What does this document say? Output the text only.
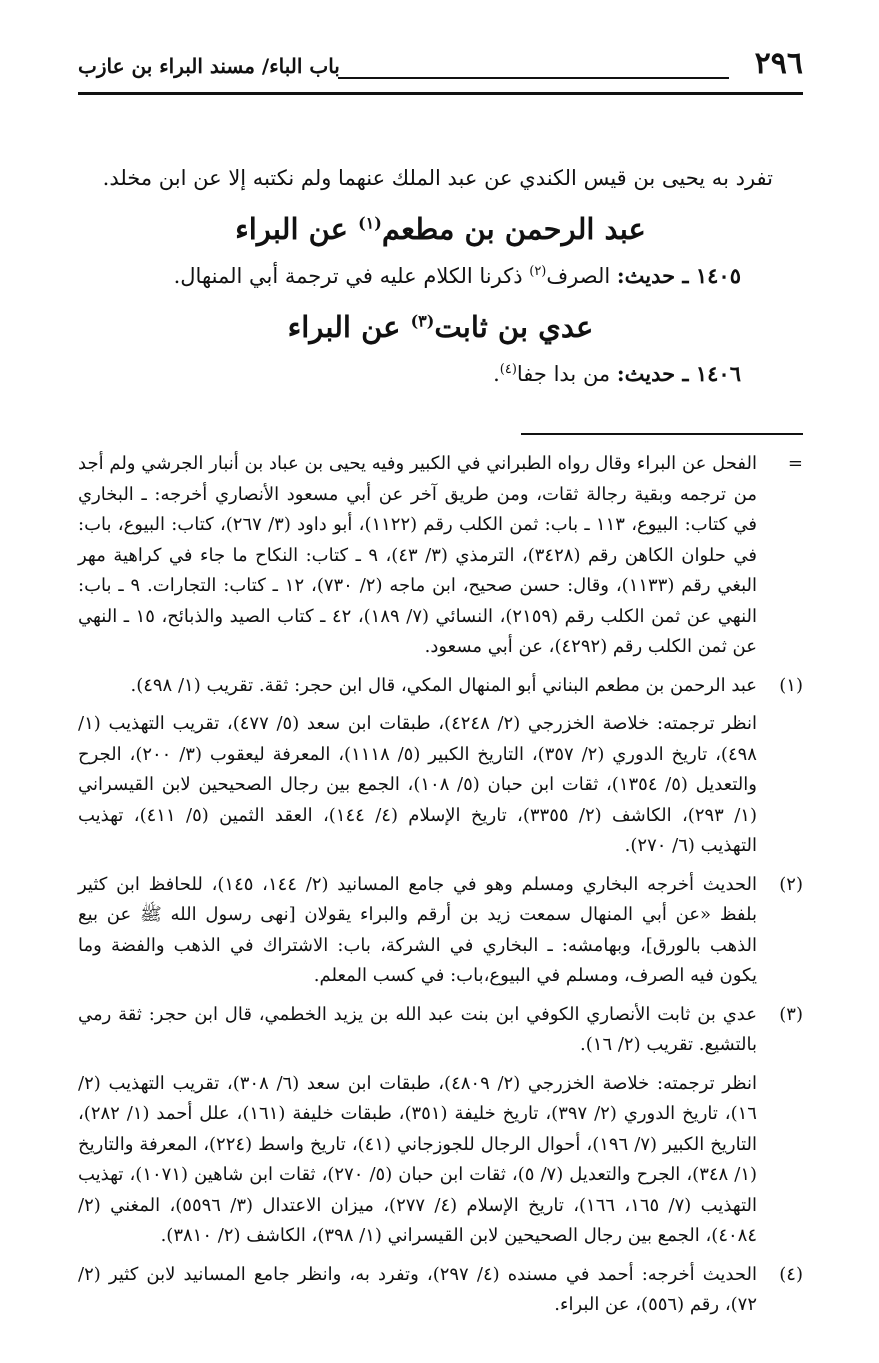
٢٩٦
باب الباء/ مسند البراء بن عازب

تفرد به يحيى بن قيس الكندي عن عبد الملك عنهما ولم نكتبه إلا عن ابن مخلد.

عبد الرحمن بن مطعم$^{(١)}$ عن البراء
١٤٠٥ ـ حديث: الصرف$^{(٢)}$ ذكرنا الكلام عليه في ترجمة أبي المنهال.
عدي بن ثابت$^{(٣)}$ عن البراء
١٤٠٦ ـ حديث: من بدا جفا$^{(٤)}$.
=

الفحل عن البراء وقال رواه الطبراني في الكبير وفيه يحيى بن عباد بن أنبار الجرشي ولم أجد من ترجمه وبقية رجالة ثقات، ومن طريق آخر عن أبي مسعود الأنصاري أخرجه: ـ البخاري في كتاب: البيوع، ١١٣ ـ باب: ثمن الكلب رقم (١١٢٢)، أبو داود (٣/ ٢٦٧)، كتاب: البيوع، باب: في حلوان الكاهن رقم (٣٤٢٨)، الترمذي (٣/ ٤٣)، ٩ ـ كتاب: النكاح ما جاء في كراهية مهر البغي رقم (١١٣٣)، وقال: حسن صحيح، ابن ماجه (٢/ ٧٣٠)، ١٢ ـ كتاب: التجارات. ٩ ـ باب: النهي عن ثمن الكلب رقم (٢١٥٩)، النسائي (٧/ ١٨٩)، ٤٢ ـ كتاب الصيد والذبائح، ١٥ ـ النهي عن ثمن الكلب رقم (٤٢٩٢)، عن أبي مسعود.

(١)

عبد الرحمن بن مطعم البناني أبو المنهال المكي، قال ابن حجر: ثقة. تقريب (١/ ٤٩٨).

انظر ترجمته: خلاصة الخزرجي (٢/ ٤٢٤٨)، طبقات ابن سعد (٥/ ٤٧٧)، تقريب التهذيب (١/ ٤٩٨)، تاريخ الدوري (٢/ ٣٥٧)، التاريخ الكبير (٥/ ١١١٨)، المعرفة ليعقوب (٣/ ٢٠٠)، الجرح والتعديل (٥/ ١٣٥٤)، ثقات ابن حبان (٥/ ١٠٨)، الجمع بين رجال الصحيحين لابن القيسراني (١/ ٢٩٣)، الكاشف (٢/ ٣٣٥٥)، تاريخ الإسلام (٤/ ١٤٤)، العقد الثمين (٥/ ٤١١)، تهذيب التهذيب (٦/ ٢٧٠).

(٢)

الحديث أخرجه البخاري ومسلم وهو في جامع المسانيد (٢/ ١٤٤، ١٤٥)، للحافظ ابن كثير بلفظ «عن أبي المنهال سمعت زيد بن أرقم والبراء يقولان [نهى رسول الله ﷺ عن بيع الذهب بالورق]، وبهامشه: ـ البخاري في الشركة، باب: الاشتراك في الذهب والفضة وما يكون فيه الصرف، ومسلم في البيوع،باب: في كسب المعلم.

(٣)

عدي بن ثابت الأنصاري الكوفي ابن بنت عبد الله بن يزيد الخطمي، قال ابن حجر: ثقة رمي بالتشيع. تقريب (٢/ ١٦).

انظر ترجمته: خلاصة الخزرجي (٢/ ٤٨٠٩)، طبقات ابن سعد (٦/ ٣٠٨)، تقريب التهذيب (٢/ ١٦)، تاريخ الدوري (٢/ ٣٩٧)، تاريخ خليفة (٣٥١)، طبقات خليفة (١٦١)، علل أحمد (١/ ٢٨٢)، التاريخ الكبير (٧/ ١٩٦)، أحوال الرجال للجوزجاني (٤١)، تاريخ واسط (٢٢٤)، المعرفة والتاريخ (١/ ٣٤٨)، الجرح والتعديل (٧/ ٥)، ثقات ابن حبان (٥/ ٢٧٠)، ثقات ابن شاهين (١٠٧١)، تهذيب التهذيب (٧/ ١٦٥، ١٦٦)، تاريخ الإسلام (٤/ ٢٧٧)، ميزان الاعتدال (٣/ ٥٥٩٦)، المغني (٢/ ٤٠٨٤)، الجمع بين رجال الصحيحين لابن القيسراني (١/ ٣٩٨)، الكاشف (٢/ ٣٨١٠).

(٤)

الحديث أخرجه: أحمد في مسنده (٤/ ٢٩٧)، وتفرد به، وانظر جامع المسانيد لابن كثير (٢/ ٧٢)، رقم (٥٥٦)، عن البراء.
